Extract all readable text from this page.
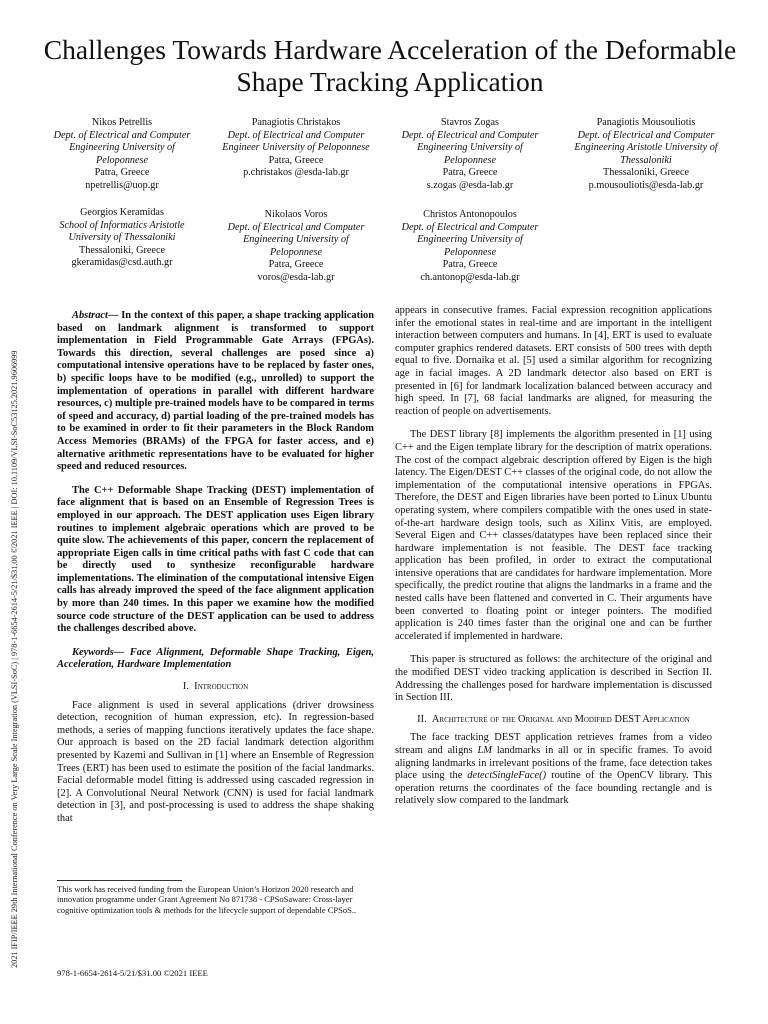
2021 IFIP/IEEE 29th International Conference on Very Large Scale Integration (VLSI-SoC) | 978-1-6654-2614-5/21/$31.00 ©2021 IEEE | DOI: 10.1109/VLSI-SoC53125.2021.9606999
Challenges Towards Hardware Acceleration of the Deformable Shape Tracking Application
Nikos Petrellis
Dept. of Electrical and Computer Engineering University of Peloponnese
Patra, Greece
npetrellis@uop.gr
Panagiotis Christakos
Dept. of Electrical and Computer Engineer University of Peloponnese
Patra, Greece
p.christakos @esda-lab.gr
Stavros Zogas
Dept. of Electrical and Computer Engineering University of Peloponnese
Patra, Greece
s.zogas @esda-lab.gr
Panagiotis Mousouliotis
Dept. of Electrical and Computer Engineering Aristotle University of Thessaloniki
Thessaloniki, Greece
p.mousouliotis@esda-lab.gr
Georgios Keramidas
School of Informatics Aristotle University of Thessaloniki
Thessaloniki, Greece
gkeramidas@csd.auth.gr
Nikolaos Voros
Dept. of Electrical and Computer Engineering University of Peloponnese
Patra, Greece
voros@esda-lab.gr
Christos Antonopoulos
Dept. of Electrical and Computer Engineering University of Peloponnese
Patra, Greece
ch.antonop@esda-lab.gr

Abstract— In the context of this paper, a shape tracking application based on landmark alignment is transformed to support implementation in Field Programmable Gate Arrays (FPGAs). Towards this direction, several challenges are posed since a) computational intensive operations have to be replaced by faster ones, b) specific loops have to be modified (e.g., unrolled) to support the implementation of operations in parallel with different hardware resources, c) multiple pre-trained models have to be compared in terms of speed and accuracy, d) partial loading of the pre-trained models has to be examined in order to fit their parameters in the Block Random Access Memories (BRAMs) of the FPGA for faster access, and e) alternative arithmetic representations have to be evaluated for higher speed and reduced resources.

The C++ Deformable Shape Tracking (DEST) implementation of face alignment that is based on an Ensemble of Regression Trees is employed in our approach. The DEST application uses Eigen library routines to implement algebraic operations which are proved to be quite slow. The achievements of this paper, concern the replacement of appropriate Eigen calls in time critical paths with fast C code that can be directly used to synthesize reconfigurable hardware implementations. The elimination of the computational intensive Eigen calls has already improved the speed of the face alignment application by more than 240 times. In this paper we examine how the modified source code structure of the DEST application can be used to address the challenges described above.

Keywords— Face Alignment, Deformable Shape Tracking, Eigen, Acceleration, Hardware Implementation

I. Introduction

Face alignment is used in several applications (driver drowsiness detection, recognition of human expression, etc). In regression-based methods, a series of mapping functions iteratively updates the face shape. Our approach is based on the 2D facial landmark detection algorithm presented by Kazemi and Sullivan in [1] where an Ensemble of Regression Trees (ERT) has been used to estimate the position of the facial landmarks. Facial deformable model fitting is addressed using cascaded regression in [2]. A Convolutional Neural Network (CNN) is used for facial landmark detection in [3], and post-processing is used to address the shape shaking that

This work has received funding from the European Union’s Horizon 2020 research and innovation programme under Grant Agreement No 871738 - CPSoSaware: Cross-layer cognitive optimization tools & methods for the lifecycle support of dependable CPSoS..

appears in consecutive frames. Facial expression recognition applications infer the emotional states in real-time and are important in the intelligent interaction between computers and humans. In [4], ERT is used to evaluate computer graphics rendered datasets. ERT consists of 500 trees with depth equal to five. Dornaika et al. [5] used a similar algorithm for recognizing age in facial images. A 2D landmark detector also based on ERT is presented in [6] for landmark localization balanced between accuracy and high speed. In [7], 68 facial landmarks are aligned, for measuring the reaction of people on advertisements.

The DEST library [8] implements the algorithm presented in [1] using C++ and the Eigen template library for the description of matrix operations. The cost of the compact algebraic description offered by Eigen is the high latency. The Eigen/DEST C++ classes of the original code, do not allow the implementation of the computational intensive operations in FPGAs. Therefore, the DEST and Eigen libraries have been ported to Linux Ubuntu operating system, where compilers compatible with the ones used in state-of-the-art hardware design tools, such as Xilinx Vitis, are employed. Several Eigen and C++ classes/datatypes have been replaced since their hardware implementation is not feasible. The DEST face tracking application has been profiled, in order to extract the computational intensive operations that are candidates for hardware implementation. More specifically, the predict routine that aligns the landmarks in a frame and the nested calls have been flattened and converted in C. Their arguments have been converted to floating point or integer pointers. The modified application is 240 times faster than the original one and can be further accelerated if implemented in hardware.

This paper is structured as follows: the architecture of the original and the modified DEST video tracking application is described in Section II. Addressing the challenges posed for hardware implementation is discussed in Section III.

II. Architecture of the Original and Modified DEST Application

The face tracking DEST application retrieves frames from a video stream and aligns LM landmarks in all or in specific frames. To avoid aligning landmarks in irrelevant positions of the frame, face detection takes place using the detectSingleFace() routine of the OpenCV library. This operation returns the coordinates of the face bounding rectangle and is relatively slow compared to the landmark

978-1-6654-2614-5/21/$31.00 ©2021 IEEE
